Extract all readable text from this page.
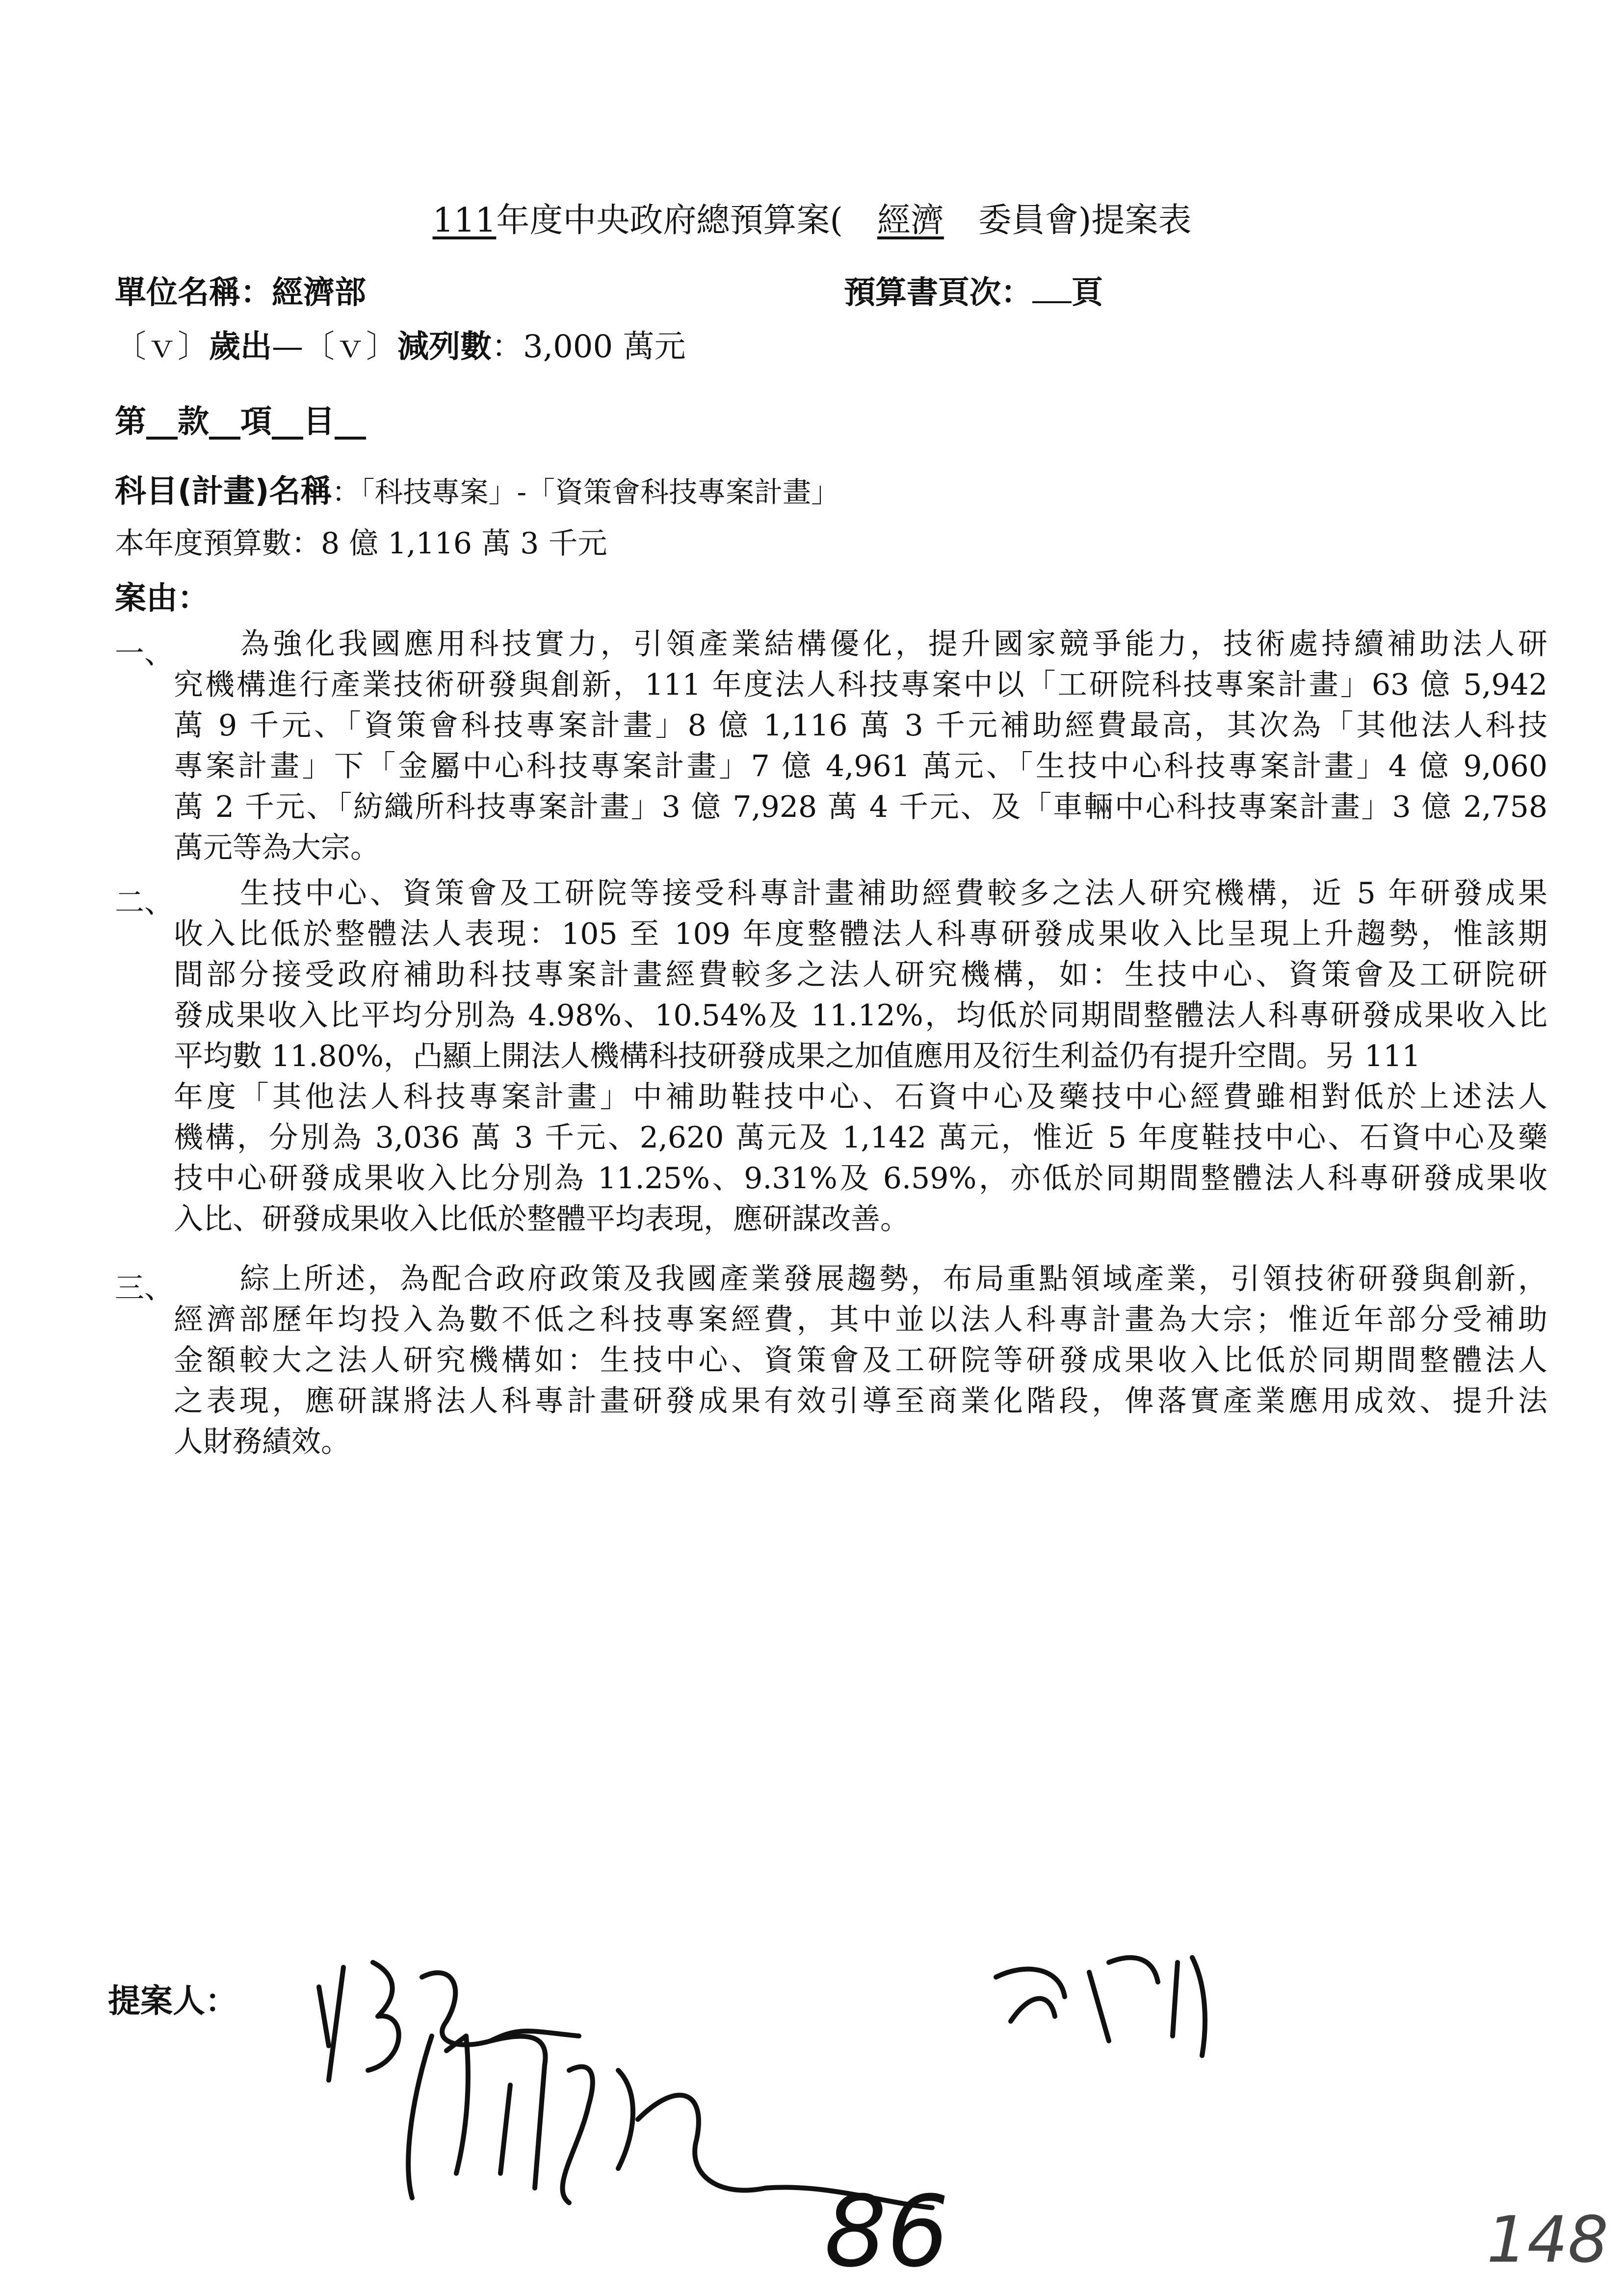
111年度中央政府總預算案( 經濟 委員會)提案表
單位名稱：經濟部	預算書頁次： 頁
〔ｖ〕歲出—〔ｖ〕減列數：3,000 萬元
第__款__項__目__
科目(計畫)名稱：「科技專案」-「資策會科技專案計畫」
本年度預算數：8 億 1,116 萬 3 千元
案由：
一、 為強化我國應用科技實力，引領產業結構優化，提升國家競爭能力，技術處持續補助法人研
究機構進行產業技術研發與創新，111 年度法人科技專案中以「工研院科技專案計畫」63 億 5,942
萬 9 千元、「資策會科技專案計畫」8 億 1,116 萬 3 千元補助經費最高，其次為「其他法人科技
專案計畫」下「金屬中心科技專案計畫」7 億 4,961 萬元、「生技中心科技專案計畫」4 億 9,060
萬 2 千元、「紡織所科技專案計畫」3 億 7,928 萬 4 千元、及「車輛中心科技專案計畫」3 億 2,758
萬元等為大宗。
二、 生技中心、資策會及工研院等接受科專計畫補助經費較多之法人研究機構，近 5 年研發成果
收入比低於整體法人表現：105 至 109 年度整體法人科專研發成果收入比呈現上升趨勢，惟該期
間部分接受政府補助科技專案計畫經費較多之法人研究機構，如：生技中心、資策會及工研院研
發成果收入比平均分別為 4.98%、10.54%及 11.12%，均低於同期間整體法人科專研發成果收入比
平均數 11.80%，凸顯上開法人機構科技研發成果之加值應用及衍生利益仍有提升空間。另 111
年度「其他法人科技專案計畫」中補助鞋技中心、石資中心及藥技中心經費雖相對低於上述法人
機構，分別為 3,036 萬 3 千元、2,620 萬元及 1,142 萬元，惟近 5 年度鞋技中心、石資中心及藥
技中心研發成果收入比分別為 11.25%、9.31%及 6.59%，亦低於同期間整體法人科專研發成果收
入比、研發成果收入比低於整體平均表現，應研謀改善。
三、 綜上所述，為配合政府政策及我國產業發展趨勢，布局重點領域產業，引領技術研發與創新，
經濟部歷年均投入為數不低之科技專案經費，其中並以法人科專計畫為大宗；惟近年部分受補助
金額較大之法人研究機構如：生技中心、資策會及工研院等研發成果收入比低於同期間整體法人
之表現，應研謀將法人科專計畫研發成果有效引導至商業化階段，俾落實產業應用成效、提升法
人財務績效。
提案人：
86	148
